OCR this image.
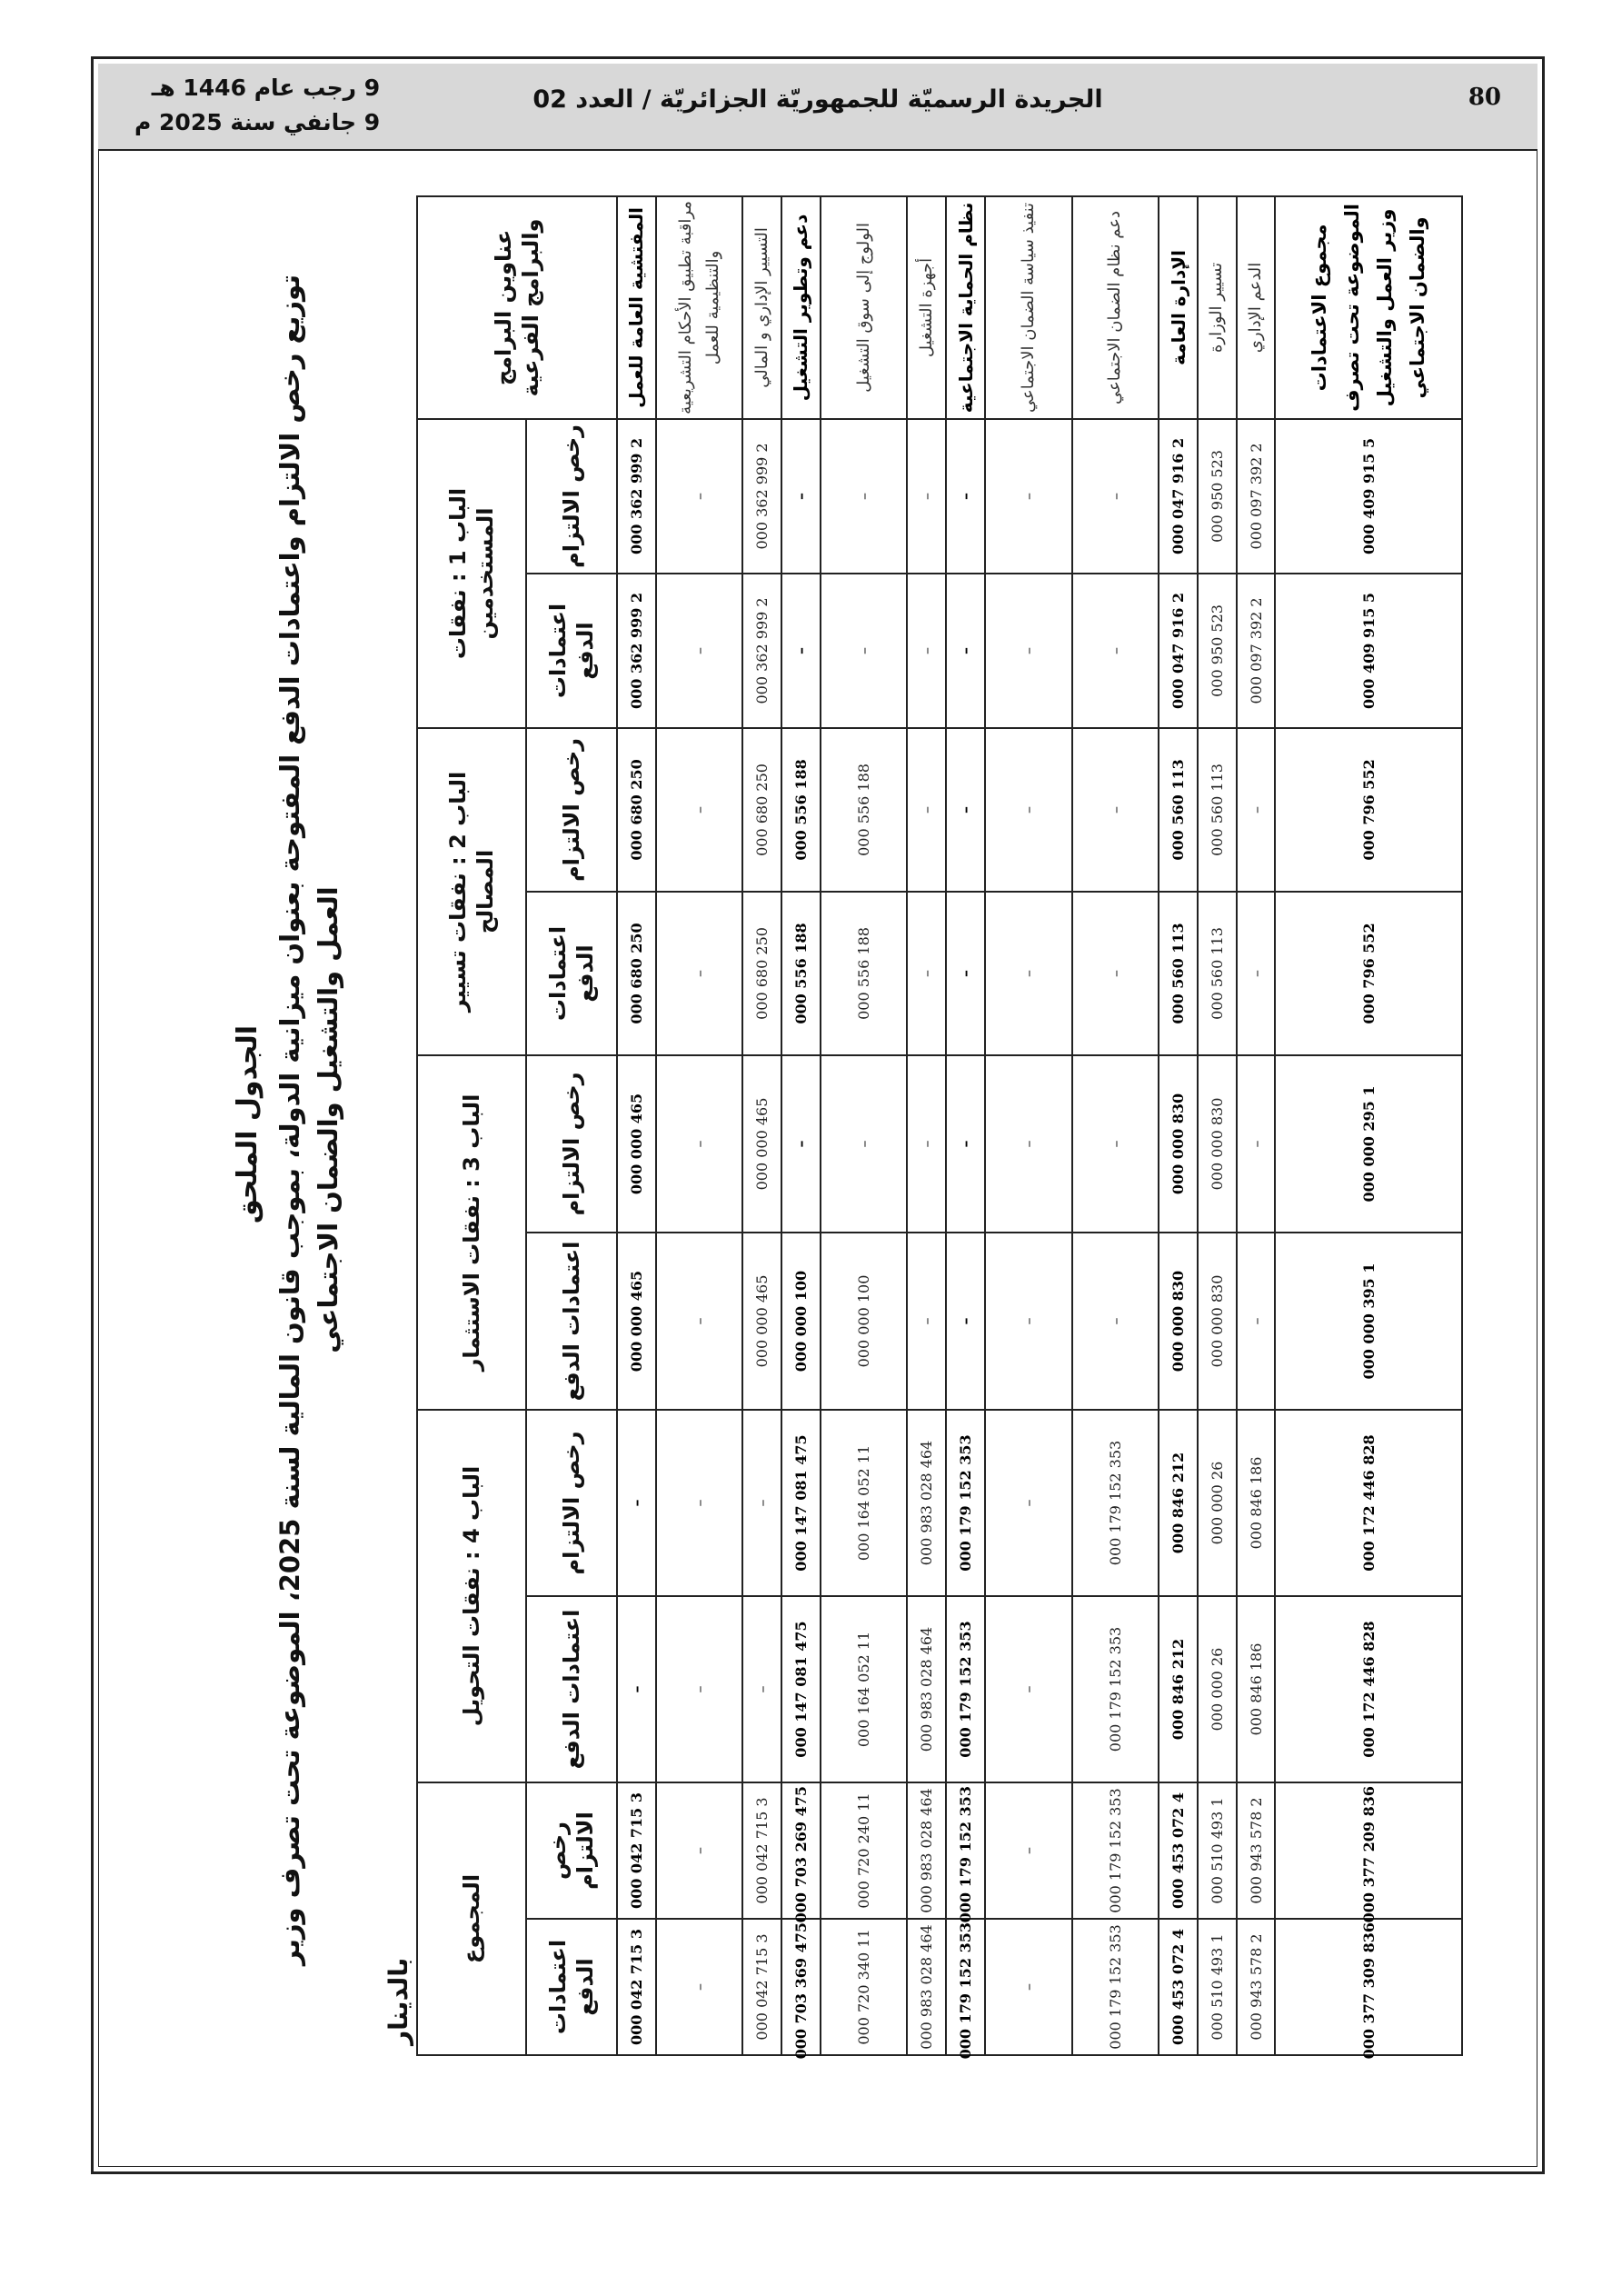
80
الجريدة الرسميّة للجمهوريّة الجزائريّة / العدد 02
9 رجب عام 1446 هـ
9 جانفي سنة 2025 م
الجدول الملحق
توزيع رخص الالتزام واعتمادات الدفع المفتوحة بعنوان ميزانية الدولة، بموجب قانون المالية لسنة 2025، الموضوعة تحت تصرف وزير العمل والتشغيل والضمان الاجتماعي
بالدينار
عناوين البرامج والبرامج الفرعية	الباب 1 : نفقات المستخدمين		الباب 2 : نفقات تسيير المصالح		الباب 3 : نفقات الاستثمار		الباب 4 : نفقات التحويل		المجموع	
	رخص الالتزام	اعتمادات الدفع	رخص الالتزام	اعتمادات الدفع	رخص الالتزام	اعتمادات الدفع	رخص الالتزام	اعتمادات الدفع	رخص الالتزام	اعتمادات الدفع
المفتشية العامة للعمل	2 999 362 000	2 999 362 000	250 680 000	250 680 000	465 000 000	465 000 000	–	–	3 715 042 000	3 715 042 000
مراقبة تطبيق الأحكام التشريعية والتنظيمية للعمل	–	–	–	–	–	–	–	–	–	–
التسيير الإداري و المالي	2 999 362 000	2 999 362 000	250 680 000	250 680 000	465 000 000	465 000 000	–	–	3 715 042 000	3 715 042 000
دعم وتطوير التشغيل	–	–	188 556 000	188 556 000	–	100 000 000	475 081 147 000	475 081 147 000	475 269 703 000	475 369 703 000
الولوج إلى سوق التشغيل	–	–	188 556 000	188 556 000	–	100 000 000	11 052 164 000	11 052 164 000	11 240 720 000	11 340 720 000
أجهزة التشغيل	–	–	–	–	–	–	464 028 983 000	464 028 983 000	464 028 983 000	464 028 983 000
نظام الحماية الاجتماعية	–	–	–	–	–	–	353 152 179 000	353 152 179 000	353 152 179 000	353 152 179 000
تنفيذ سياسة الضمان الاجتماعي	–	–	–	–	–	–	–	–	–	–
دعم نظام الضمان الاجتماعي	–	–	–	–	–	–	353 152 179 000	353 152 179 000	353 152 179 000	353 152 179 000
الإدارة العامة	2 916 047 000	2 916 047 000	113 560 000	113 560 000	830 000 000	830 000 000	212 846 000	212 846 000	4 072 453 000	4 072 453 000
تسيير الوزارة	523 950 000	523 950 000	113 560 000	113 560 000	830 000 000	830 000 000	26 000 000	26 000 000	1 493 510 000	1 493 510 000
الدعم الإداري	2 392 097 000	2 392 097 000	–	–	–	–	186 846 000	186 846 000	2 578 943 000	2 578 943 000
مجموع الاعتمادات الموضوعة تحت تصرف وزير العمل والتشغيل والضمان الاجتماعي	5 915 409 000	5 915 409 000	552 796 000	552 796 000	1 295 000 000	1 395 000 000	828 446 172 000	828 446 172 000	836 209 377 000	836 309 377 000
